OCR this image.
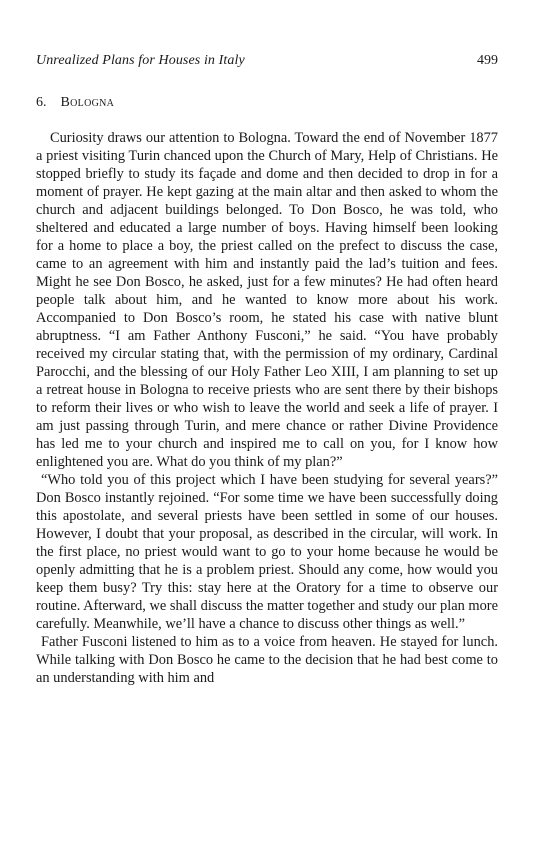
Unrealized Plans for Houses in Italy	499
6. Bologna

Curiosity draws our attention to Bologna. Toward the end of November 1877 a priest visiting Turin chanced upon the Church of Mary, Help of Christians. He stopped briefly to study its façade and dome and then decided to drop in for a moment of prayer. He kept gazing at the main altar and then asked to whom the church and adjacent buildings belonged. To Don Bosco, he was told, who sheltered and educated a large number of boys. Having himself been looking for a home to place a boy, the priest called on the prefect to discuss the case, came to an agreement with him and instantly paid the lad’s tuition and fees. Might he see Don Bosco, he asked, just for a few minutes? He had often heard people talk about him, and he wanted to know more about his work. Accompanied to Don Bosco’s room, he stated his case with native blunt abruptness. “I am Father Anthony Fusconi,” he said. “You have probably received my circular stating that, with the permission of my ordinary, Cardinal Parocchi, and the blessing of our Holy Father Leo XIII, I am planning to set up a retreat house in Bologna to receive priests who are sent there by their bishops to reform their lives or who wish to leave the world and seek a life of prayer. I am just passing through Turin, and mere chance or rather Divine Providence has led me to your church and inspired me to call on you, for I know how enlightened you are. What do you think of my plan?”

“Who told you of this project which I have been studying for several years?” Don Bosco instantly rejoined. “For some time we have been successfully doing this apostolate, and several priests have been settled in some of our houses. However, I doubt that your proposal, as described in the circular, will work. In the first place, no priest would want to go to your home because he would be openly admitting that he is a problem priest. Should any come, how would you keep them busy? Try this: stay here at the Oratory for a time to observe our routine. Afterward, we shall discuss the matter together and study our plan more carefully. Meanwhile, we’ll have a chance to discuss other things as well.”

Father Fusconi listened to him as to a voice from heaven. He stayed for lunch. While talking with Don Bosco he came to the decision that he had best come to an understanding with him and
